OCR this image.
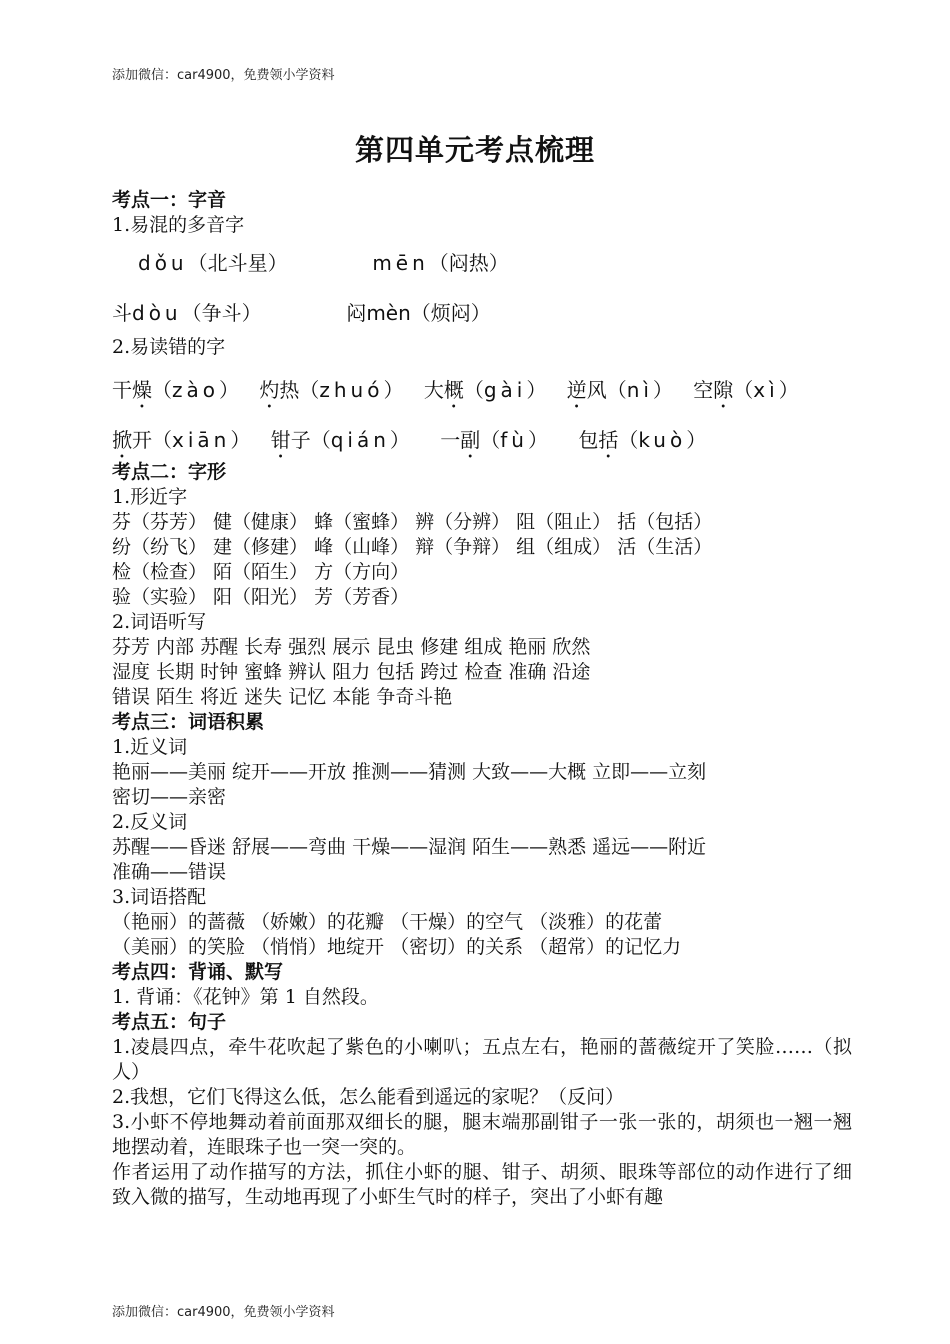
添加微信：car4900，免费领小学资料
第四单元考点梳理
考点一：字音
1.易混的多音字
dǒu（北斗星）	mēn（闷热）
斗dòu（争斗）	闷mèn（烦闷）
2.易读错的字
干燥（zào） 灼热（zhuó） 大概（gài） 逆风（nì） 空隙（xì）
掀开（xiān） 钳子（qián） 一副（fù） 包括（kuò）
考点二：字形
1.形近字
芬（芬芳） 健（健康） 蜂（蜜蜂） 辨（分辨） 阻（阻止） 括（包括）
纷（纷飞） 建（修建） 峰（山峰） 辩（争辩） 组（组成） 活（生活）
检（检查） 陌（陌生） 方（方向）
验（实验） 阳（阳光） 芳（芳香）
2.词语听写
芬芳 内部 苏醒 长寿 强烈 展示 昆虫 修建 组成 艳丽 欣然
湿度 长期 时钟 蜜蜂 辨认 阻力 包括 跨过 检查 准确 沿途
错误 陌生 将近 迷失 记忆 本能 争奇斗艳
考点三：词语积累
1.近义词
艳丽——美丽 绽开——开放 推测——猜测 大致——大概 立即——立刻
密切——亲密
2.反义词
苏醒——昏迷 舒展——弯曲 干燥——湿润 陌生——熟悉 遥远——附近
准确——错误
3.词语搭配
（艳丽）的蔷薇 （娇嫩）的花瓣 （干燥）的空气 （淡雅）的花蕾
（美丽）的笑脸 （悄悄）地绽开 （密切）的关系 （超常）的记忆力
考点四：背诵、默写
1. 背诵：《花钟》第 1 自然段。
考点五：句子
1.凌晨四点，牵牛花吹起了紫色的小喇叭；五点左右，艳丽的蔷薇绽开了笑脸……（拟人）
2.我想，它们飞得这么低，怎么能看到遥远的家呢？（反问）
3.小虾不停地舞动着前面那双细长的腿，腿末端那副钳子一张一张的，胡须也一翘一翘地摆动着，连眼珠子也一突一突的。
作者运用了动作描写的方法，抓住小虾的腿、钳子、胡须、眼珠等部位的动作进行了细致入微的描写，生动地再现了小虾生气时的样子，突出了小虾有趣
添加微信：car4900，免费领小学资料
